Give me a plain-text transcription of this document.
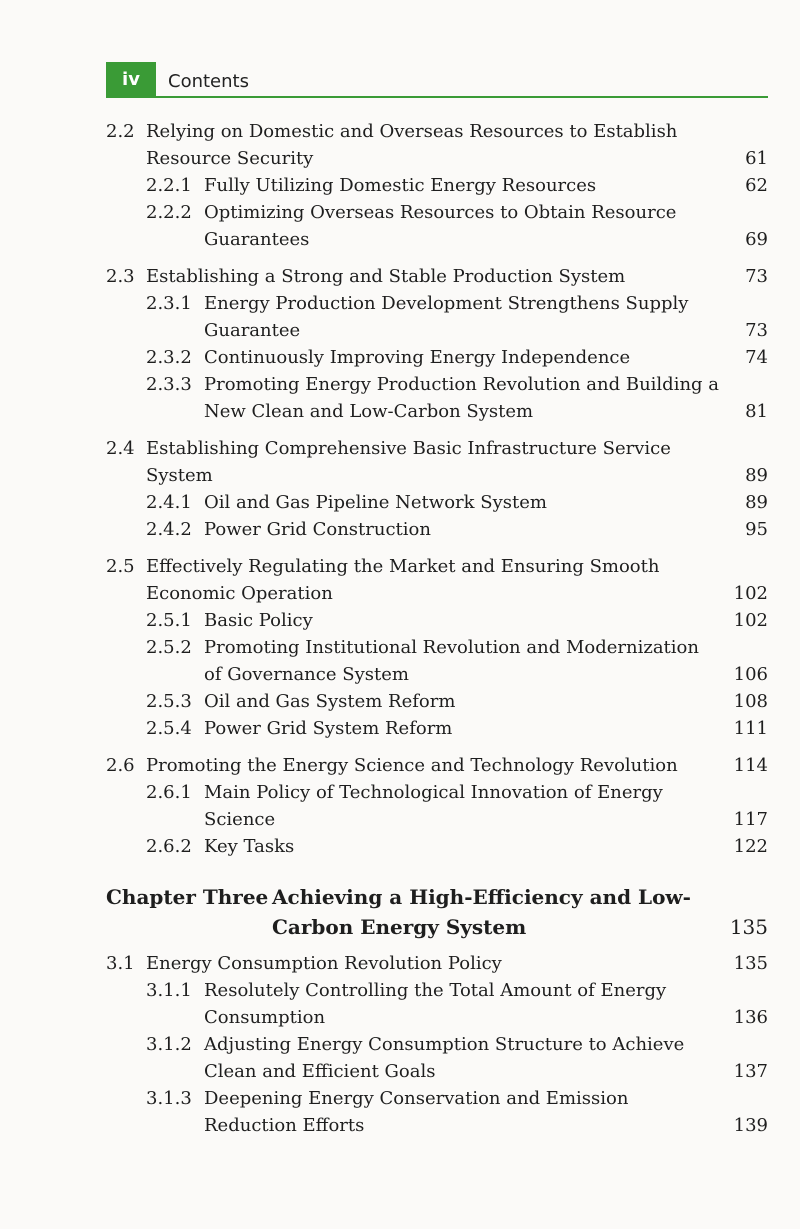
iv	Contents
2.2 Relying on Domestic and Overseas Resources to Establish Resource Security	61
2.2.1 Fully Utilizing Domestic Energy Resources	62
2.2.2 Optimizing Overseas Resources to Obtain Resource Guarantees	69
2.3 Establishing a Strong and Stable Production System	73
2.3.1 Energy Production Development Strengthens Supply Guarantee	73
2.3.2 Continuously Improving Energy Independence	74
2.3.3 Promoting Energy Production Revolution and Building a New Clean and Low-Carbon System	81
2.4 Establishing Comprehensive Basic Infrastructure Service System	89
2.4.1 Oil and Gas Pipeline Network System	89
2.4.2 Power Grid Construction	95
2.5 Effectively Regulating the Market and Ensuring Smooth Economic Operation	102
2.5.1 Basic Policy	102
2.5.2 Promoting Institutional Revolution and Modernization of Governance System	106
2.5.3 Oil and Gas System Reform	108
2.5.4 Power Grid System Reform	111
2.6 Promoting the Energy Science and Technology Revolution	114
2.6.1 Main Policy of Technological Innovation of Energy Science	117
2.6.2 Key Tasks	122
Chapter Three Achieving a High-Efficiency and Low-Carbon Energy System	135
3.1 Energy Consumption Revolution Policy	135
3.1.1 Resolutely Controlling the Total Amount of Energy Consumption	136
3.1.2 Adjusting Energy Consumption Structure to Achieve Clean and Efficient Goals	137
3.1.3 Deepening Energy Conservation and Emission Reduction Efforts	139
